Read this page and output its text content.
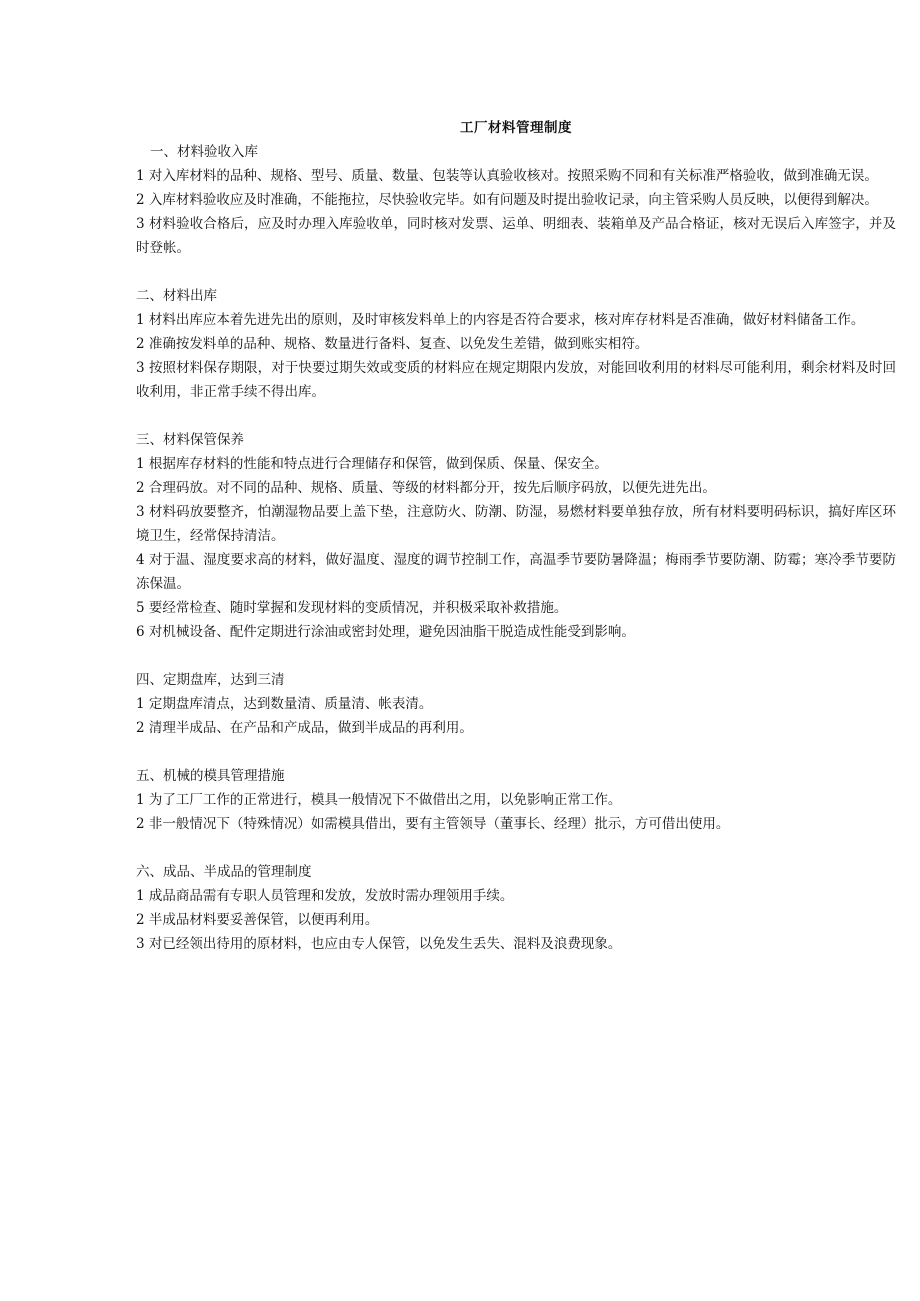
工厂材料管理制度

一、材料验收入库

1 对入库材料的品种、规格、型号、质量、数量、包装等认真验收核对。按照采购不同和有关标准严格验收，做到准确无误。

2 入库材料验收应及时准确，不能拖拉，尽快验收完毕。如有问题及时提出验收记录，向主管采购人员反映，以便得到解决。

3 材料验收合格后，应及时办理入库验收单，同时核对发票、运单、明细表、装箱单及产品合格证，核对无误后入库签字，并及时登帐。

二、材料出库

1 材料出库应本着先进先出的原则，及时审核发料单上的内容是否符合要求，核对库存材料是否准确，做好材料储备工作。

2 准确按发料单的品种、规格、数量进行备料、复查、以免发生差错，做到账实相符。

3 按照材料保存期限，对于快要过期失效或变质的材料应在规定期限内发放，对能回收利用的材料尽可能利用，剩余材料及时回收利用，非正常手续不得出库。

三、材料保管保养

1 根据库存材料的性能和特点进行合理储存和保管，做到保质、保量、保安全。

2 合理码放。对不同的品种、规格、质量、等级的材料都分开，按先后顺序码放，以便先进先出。

3 材料码放要整齐，怕潮湿物品要上盖下垫，注意防火、防潮、防湿，易燃材料要单独存放，所有材料要明码标识，搞好库区环境卫生，经常保持清洁。

4 对于温、湿度要求高的材料，做好温度、湿度的调节控制工作，高温季节要防暑降温；梅雨季节要防潮、防霉；寒冷季节要防冻保温。

5 要经常检查、随时掌握和发现材料的变质情况，并积极采取补救措施。

6 对机械设备、配件定期进行涂油或密封处理，避免因油脂干脱造成性能受到影响。

四、定期盘库，达到三清

1 定期盘库清点，达到数量清、质量清、帐表清。

2 清理半成品、在产品和产成品，做到半成品的再利用。

五、机械的模具管理措施

1 为了工厂工作的正常进行，模具一般情况下不做借出之用，以免影响正常工作。

2 非一般情况下（特殊情况）如需模具借出，要有主管领导（董事长、经理）批示，方可借出使用。

六、成品、半成品的管理制度

1 成品商品需有专职人员管理和发放，发放时需办理领用手续。

2 半成品材料要妥善保管，以便再利用。

3 对已经领出待用的原材料，也应由专人保管，以免发生丢失、混料及浪费现象。
